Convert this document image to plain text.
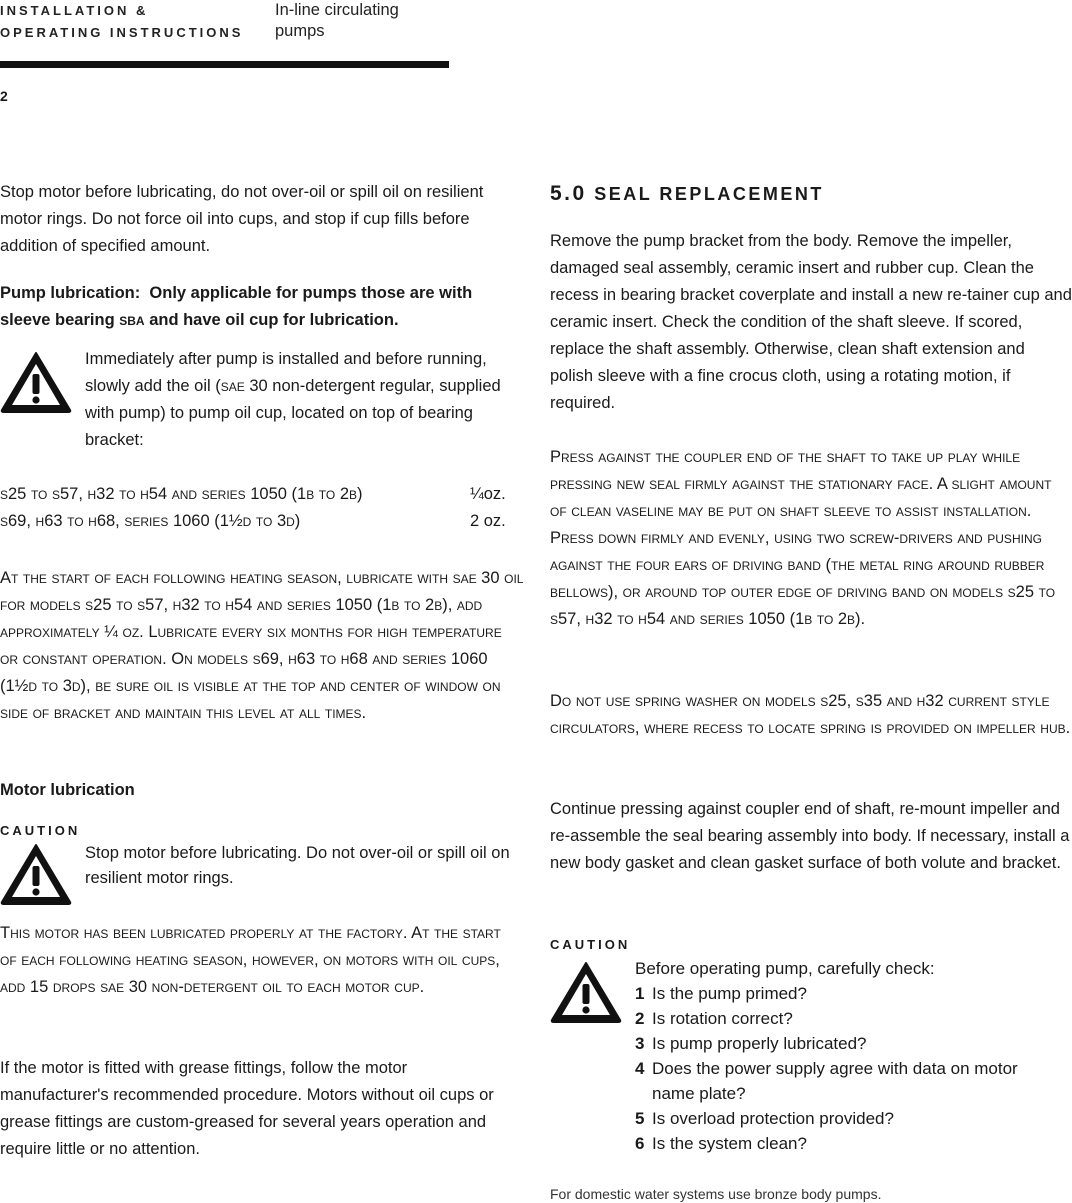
INSTALLATION &
OPERATING INSTRUCTIONS
In-line circulating
pumps
2

Stop motor before lubricating, do not over-oil or spill oil on resilient motor rings. Do not force oil into cups, and stop if cup fills before addition of specified amount.

Pump lubrication: Only applicable for pumps those are with sleeve bearing sba and have oil cup for lubrication.

Immediately after pump is installed and before running, slowly add the oil (sae 30 non-detergent regular, supplied with pump) to pump oil cup, located on top of bearing bracket:

s25 to s57, h32 to h54 and series 1050 (1b to 2b)	¼oz.
s69, h63 to h68, series 1060 (1½d to 3d)	2 oz.

At the start of each following heating season, lubricate with sae 30 oil for models s25 to s57, h32 to h54 and series 1050 (1b to 2b), add approximately ¼ oz. Lubricate every six months for high temperature or constant operation. On models s69, h63 to h68 and series 1060 (1½d to 3d), be sure oil is visible at the top and center of window on side of bracket and maintain this level at all times.

Motor lubrication
CAUTION

Stop motor before lubricating. Do not over-oil or spill oil on resilient motor rings.

This motor has been lubricated properly at the factory. At the start of each following heating season, however, on motors with oil cups, add 15 drops sae 30 non-detergent oil to each motor cup.

If the motor is fitted with grease fittings, follow the motor manufacturer's recommended procedure. Motors without oil cups or grease fittings are custom-greased for several years operation and require little or no attention.

5.0 SEAL REPLACEMENT

Remove the pump bracket from the body. Remove the impeller, damaged seal assembly, ceramic insert and rubber cup. Clean the recess in bearing bracket coverplate and install a new re-tainer cup and ceramic insert. Check the condition of the shaft sleeve. If scored, replace the shaft assembly. Otherwise, clean shaft extension and polish sleeve with a fine crocus cloth, using a rotating motion, if required.

Press against the coupler end of the shaft to take up play while pressing new seal firmly against the stationary face. A slight amount of clean vaseline may be put on shaft sleeve to assist installation. Press down firmly and evenly, using two screw-drivers and pushing against the four ears of driving band (the metal ring around rubber bellows), or around top outer edge of driving band on models s25 to s57, h32 to h54 and series 1050 (1b to 2b).

Do not use spring washer on models s25, s35 and h32 current style circulators, where recess to locate spring is provided on impeller hub.

Continue pressing against coupler end of shaft, re-mount impeller and re-assemble the seal bearing assembly into body. If necessary, install a new body gasket and clean gasket surface of both volute and bracket.

CAUTION
Before operating pump, carefully check:
1 Is the pump primed?
2 Is rotation correct?
3 Is pump properly lubricated?
4 Does the power supply agree with data on motor name plate?
5 Is overload protection provided?
6 Is the system clean?
For domestic water systems use bronze body pumps.
